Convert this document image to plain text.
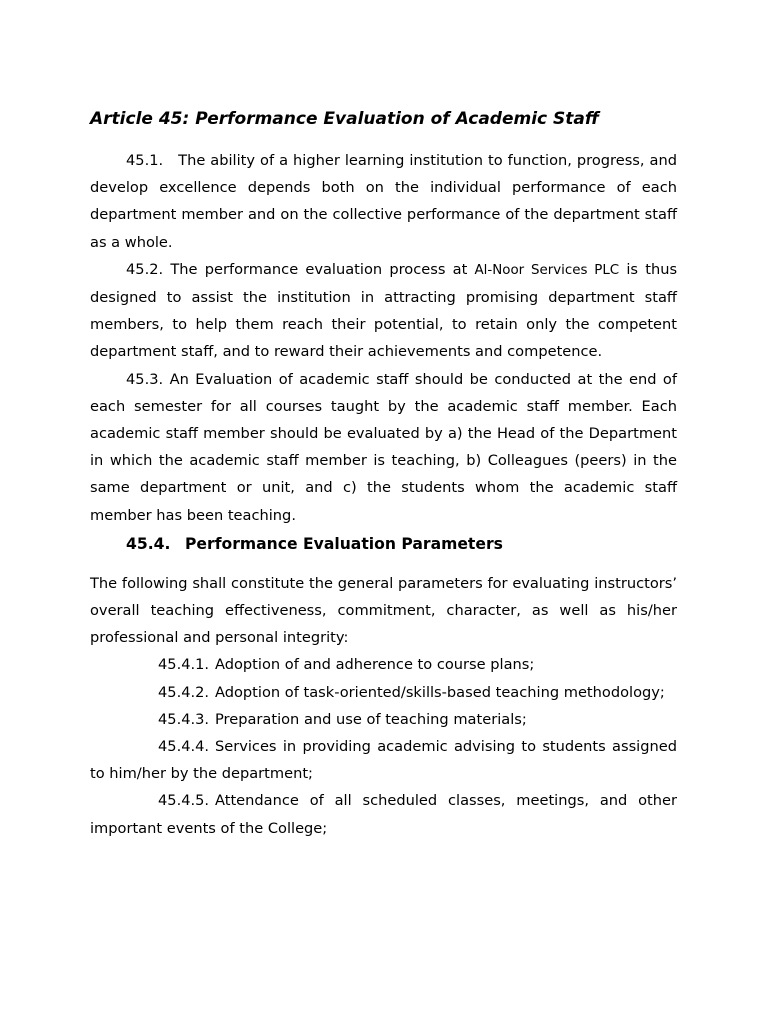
Article 45: Performance Evaluation of Academic Staff

45.1. The ability of a higher learning institution to function, progress, and develop excellence depends both on the individual performance of each department member and on the collective performance of the department staff as a whole.

45.2. The performance evaluation process at Al-Noor Services PLC is thus designed to assist the institution in attracting promising department staff members, to help them reach their potential, to retain only the competent department staff, and to reward their achievements and competence.

45.3. An Evaluation of academic staff should be conducted at the end of each semester for all courses taught by the academic staff member. Each academic staff member should be evaluated by a) the Head of the Department in which the academic staff member is teaching, b) Colleagues (peers) in the same department or unit, and c) the students whom the academic staff member has been teaching.

45.4. Performance Evaluation Parameters

The following shall constitute the general parameters for evaluating instructors’ overall teaching effectiveness, commitment, character, as well as his/her professional and personal integrity:

45.4.1. Adoption of and adherence to course plans;

45.4.2. Adoption of task-oriented/skills-based teaching methodology;

45.4.3. Preparation and use of teaching materials;

45.4.4. Services in providing academic advising to students assigned to him/her by the department;

45.4.5. Attendance of all scheduled classes, meetings, and other important events of the College;
